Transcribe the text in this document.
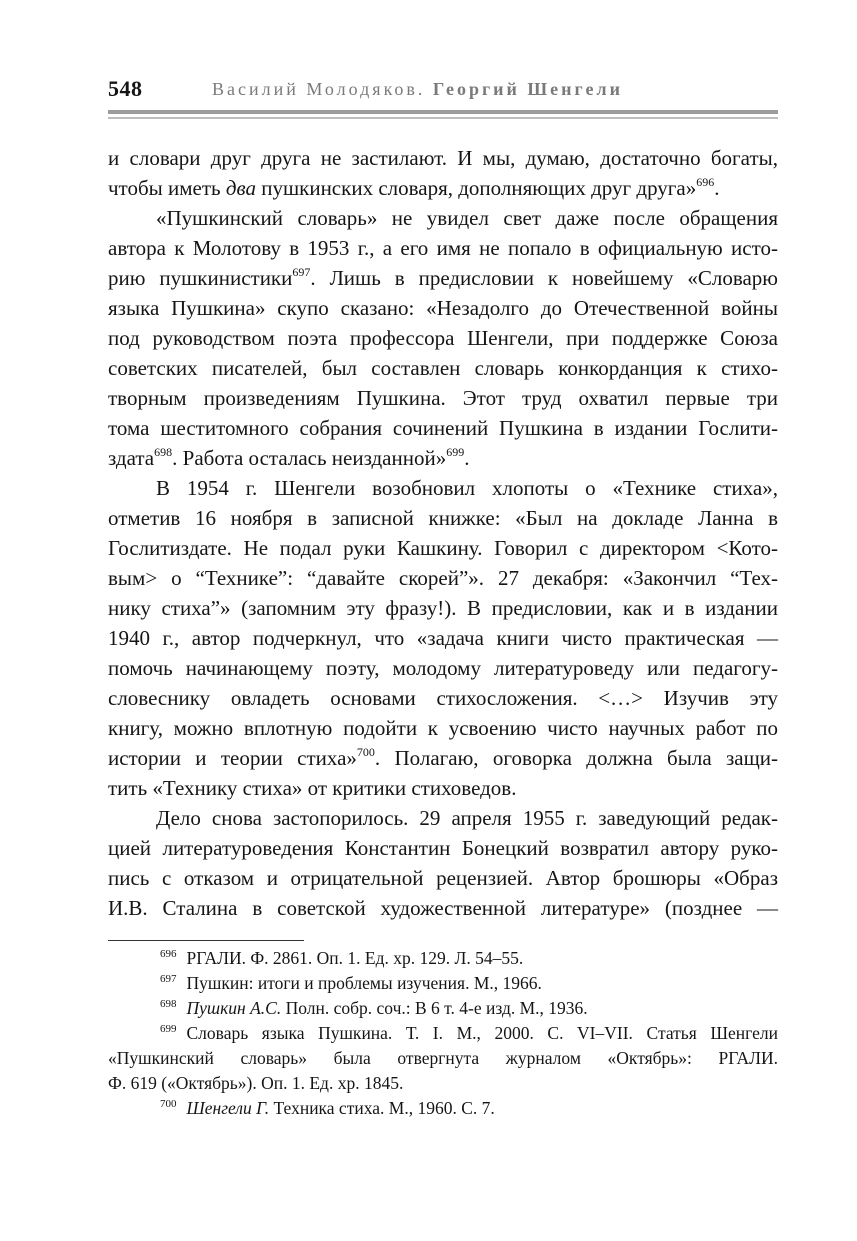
548	Василий Молодяков. Георгий Шенгели
и словари друг друга не застилают. И мы, думаю, достаточно богаты,
чтобы иметь два пушкинских словаря, дополняющих друг друга»$^{696}$.
«Пушкинский словарь» не увидел свет даже после обращения
автора к Молотову в 1953 г., а его имя не попало в официальную исто-
рию пушкинистики$^{697}$. Лишь в предисловии к новейшему «Словарю
языка Пушкина» скупо сказано: «Незадолго до Отечественной войны
под руководством поэта профессора Шенгели, при поддержке Союза
советских писателей, был составлен словарь конкорданция к стихо-
творным произведениям Пушкина. Этот труд охватил первые три
тома шеститомного собрания сочинений Пушкина в издании Гослити-
здата$^{698}$. Работа осталась неизданной»$^{699}$.
В 1954 г. Шенгели возобновил хлопоты о «Технике стиха»,
отметив 16 ноября в записной книжке: «Был на докладе Ланна в
Гослитиздате. Не подал руки Кашкину. Говорил с директором <Кото-
вым> о “Технике”: “давайте скорей”». 27 декабря: «Закончил “Тех-
нику стиха”» (запомним эту фразу!). В предисловии, как и в издании
1940 г., автор подчеркнул, что «задача книги чисто практическая —
помочь начинающему поэту, молодому литературоведу или педагогу-
словеснику овладеть основами стихосложения. <…> Изучив эту
книгу, можно вплотную подойти к усвоению чисто научных работ по
истории и теории стиха»$^{700}$. Полагаю, оговорка должна была защи-
тить «Технику стиха» от критики стиховедов.
Дело снова застопорилось. 29 апреля 1955 г. заведующий редак-
цией литературоведения Константин Бонецкий возвратил автору руко-
пись с отказом и отрицательной рецензией. Автор брошюры «Образ
И.В. Сталина в советской художественной литературе» (позднее —
$^{696}$ РГАЛИ. Ф. 2861. Оп. 1. Ед. хр. 129. Л. 54–55.
$^{697}$ Пушкин: итоги и проблемы изучения. М., 1966.
$^{698}$ Пушкин А.С. Полн. собр. соч.: В 6 т. 4-е изд. М., 1936.
$^{699}$ Словарь языка Пушкина. Т. I. М., 2000. С. VI–VII. Статья Шенгели
«Пушкинский словарь» была отвергнута журналом «Октябрь»: РГАЛИ.
Ф. 619 («Октябрь»). Оп. 1. Ед. хр. 1845.
$^{700}$ Шенгели Г. Техника стиха. М., 1960. С. 7.
